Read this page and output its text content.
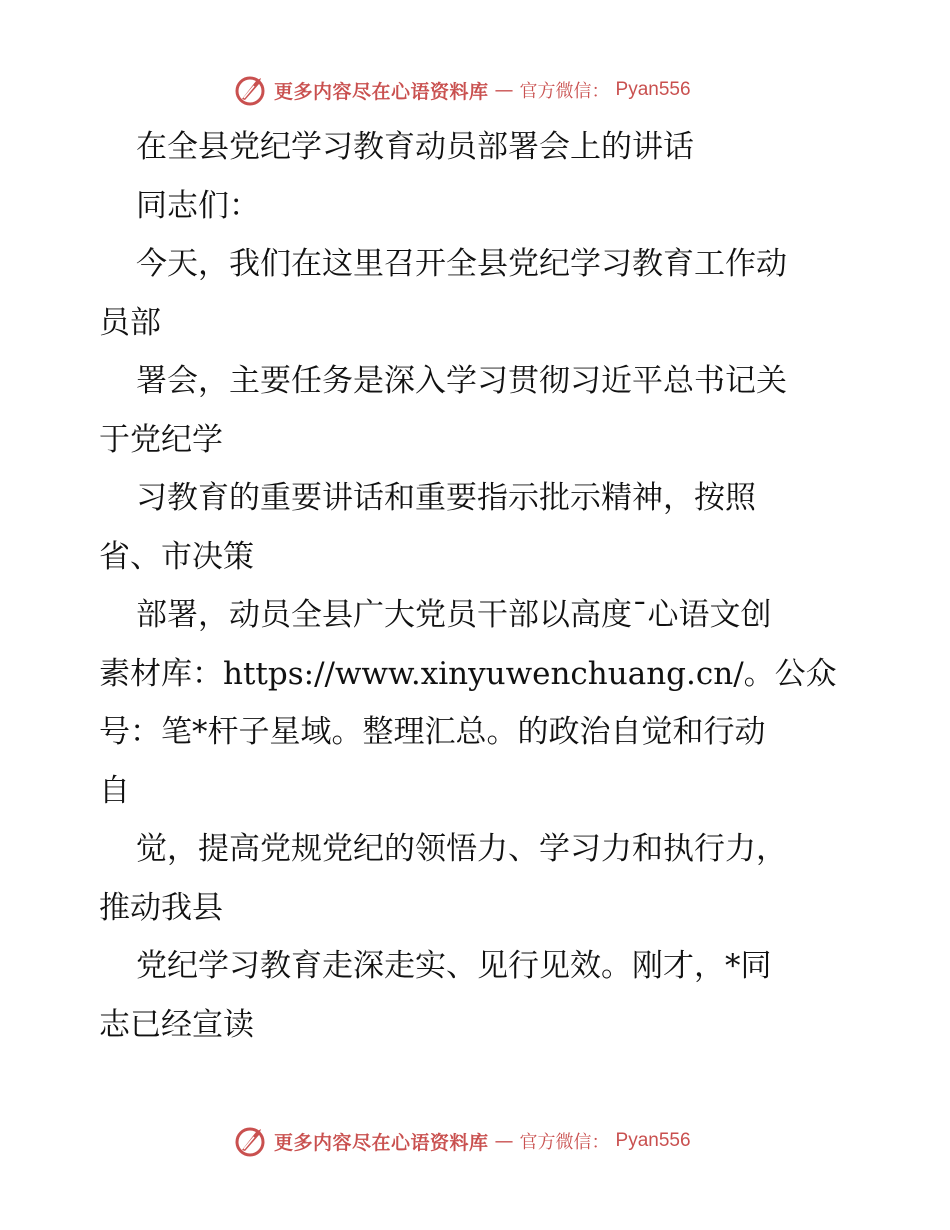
更多内容尽在心语资料库 — 官方微信： Pyan556
在全县党纪学习教育动员部署会上的讲话
同志们：
今天，我们在这里召开全县党纪学习教育工作动
员部
署会，主要任务是深入学习贯彻习近平总书记关
于党纪学
习教育的重要讲话和重要指示批示精神，按照
省、市决策
部署，动员全县广大党员干部以高度¯心语文创
素材库：https://www.xinyuwenchuang.cn/。公众
号：笔*杆子星域。整理汇总。的政治自觉和行动
自
觉，提高党规党纪的领悟力、学习力和执行力，
推动我县
党纪学习教育走深走实、见行见效。刚才，*同
志已经宣读
更多内容尽在心语资料库 — 官方微信： Pyan556
